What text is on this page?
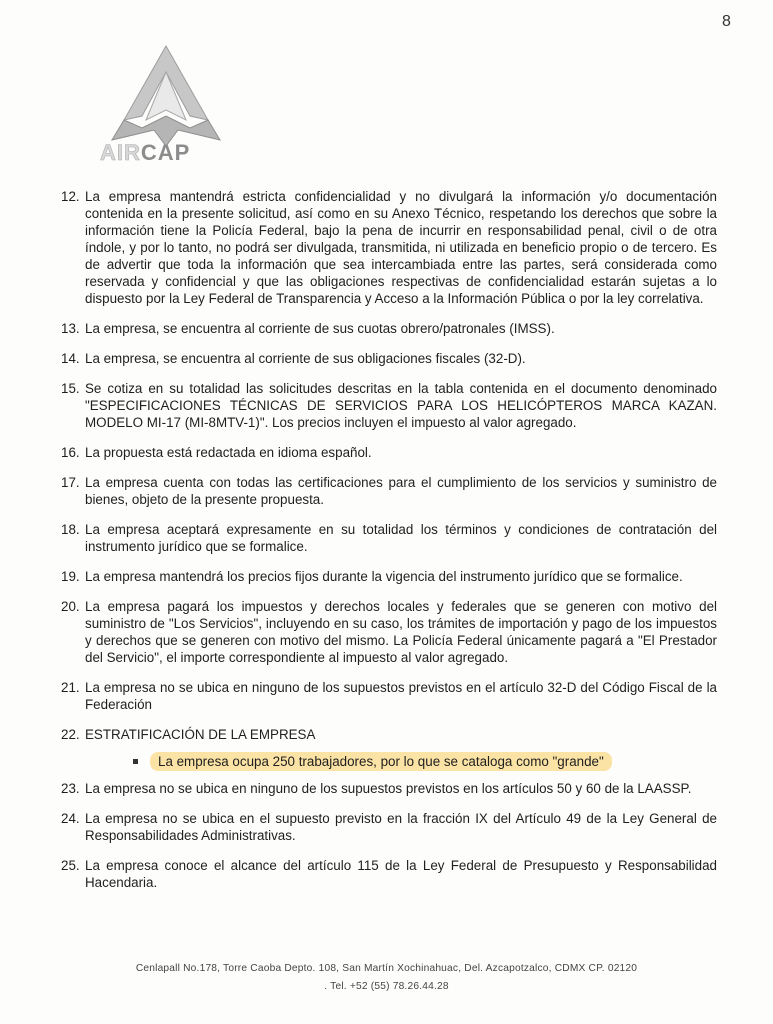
8
AIRCAP
12. La empresa mantendrá estricta confidencialidad y no divulgará la información y/o documentación contenida en la presente solicitud, así como en su Anexo Técnico, respetando los derechos que sobre la información tiene la Policía Federal, bajo la pena de incurrir en responsabilidad penal, civil o de otra índole, y por lo tanto, no podrá ser divulgada, transmitida, ni utilizada en beneficio propio o de tercero. Es de advertir que toda la información que sea intercambiada entre las partes, será considerada como reservada y confidencial y que las obligaciones respectivas de confidencialidad estarán sujetas a lo dispuesto por la Ley Federal de Transparencia y Acceso a la Información Pública o por la ley correlativa.
13. La empresa, se encuentra al corriente de sus cuotas obrero/patronales (IMSS).
14. La empresa, se encuentra al corriente de sus obligaciones fiscales (32-D).
15. Se cotiza en su totalidad las solicitudes descritas en la tabla contenida en el documento denominado "ESPECIFICACIONES TÉCNICAS DE SERVICIOS PARA LOS HELICÓPTEROS MARCA KAZAN. MODELO MI-17 (MI-8MTV-1)". Los precios incluyen el impuesto al valor agregado.
16. La propuesta está redactada en idioma español.
17. La empresa cuenta con todas las certificaciones para el cumplimiento de los servicios y suministro de bienes, objeto de la presente propuesta.
18. La empresa aceptará expresamente en su totalidad los términos y condiciones de contratación del instrumento jurídico que se formalice.
19. La empresa mantendrá los precios fijos durante la vigencia del instrumento jurídico que se formalice.
20. La empresa pagará los impuestos y derechos locales y federales que se generen con motivo del suministro de "Los Servicios", incluyendo en su caso, los trámites de importación y pago de los impuestos y derechos que se generen con motivo del mismo. La Policía Federal únicamente pagará a "El Prestador del Servicio", el importe correspondiente al impuesto al valor agregado.
21. La empresa no se ubica en ninguno de los supuestos previstos en el artículo 32-D del Código Fiscal de la Federación
22. ESTRATIFICACIÓN DE LA EMPRESA
La empresa ocupa 250 trabajadores, por lo que se cataloga como "grande"
23. La empresa no se ubica en ninguno de los supuestos previstos en los artículos 50 y 60 de la LAASSP.
24. La empresa no se ubica en el supuesto previsto en la fracción IX del Artículo 49 de la Ley General de Responsabilidades Administrativas.
25. La empresa conoce el alcance del artículo 115 de la Ley Federal de Presupuesto y Responsabilidad Hacendaria.
Cenlapall No.178, Torre Caoba Depto. 108, San Martín Xochinahuac, Del. Azcapotzalco, CDMX CP. 02120
. Tel. +52 (55) 78.26.44.28
